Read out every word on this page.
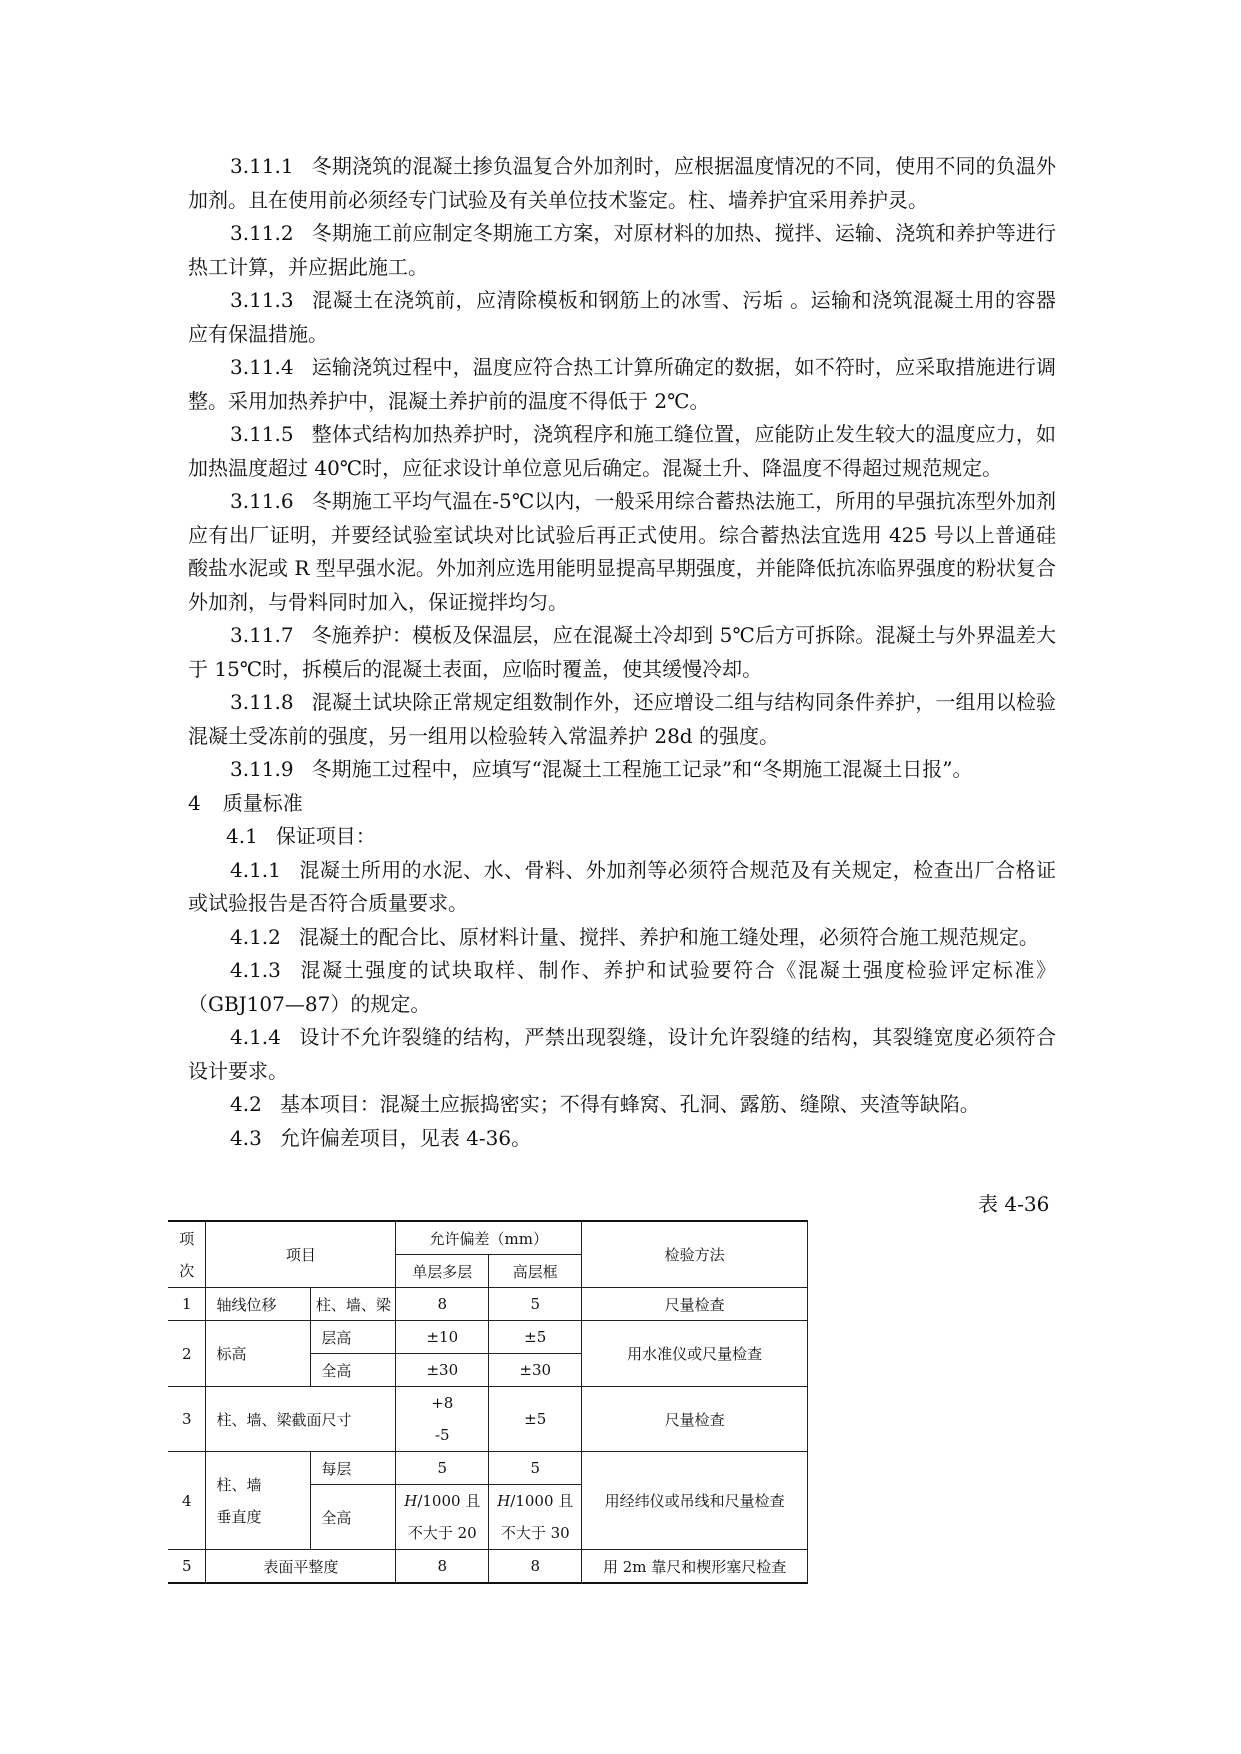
3.11.1 冬期浇筑的混凝土掺负温复合外加剂时，应根据温度情况的不同，使用不同的负温外加剂。且在使用前必须经专门试验及有关单位技术鉴定。柱、墙养护宜采用养护灵。

3.11.2 冬期施工前应制定冬期施工方案，对原材料的加热、搅拌、运输、浇筑和养护等进行热工计算，并应据此施工。

3.11.3 混凝土在浇筑前，应清除模板和钢筋上的冰雪、污垢 。运输和浇筑混凝土用的容器应有保温措施。

3.11.4 运输浇筑过程中，温度应符合热工计算所确定的数据，如不符时，应采取措施进行调整。采用加热养护中，混凝土养护前的温度不得低于 2℃。

3.11.5 整体式结构加热养护时，浇筑程序和施工缝位置，应能防止发生较大的温度应力，如加热温度超过 40℃时，应征求设计单位意见后确定。混凝土升、降温度不得超过规范规定。

3.11.6 冬期施工平均气温在-5℃以内，一般采用综合蓄热法施工，所用的早强抗冻型外加剂应有出厂证明，并要经试验室试块对比试验后再正式使用。综合蓄热法宜选用 425 号以上普通硅酸盐水泥或 R 型早强水泥。外加剂应选用能明显提高早期强度，并能降低抗冻临界强度的粉状复合外加剂，与骨料同时加入，保证搅拌均匀。

3.11.7 冬施养护：模板及保温层，应在混凝土冷却到 5℃后方可拆除。混凝土与外界温差大于 15℃时，拆模后的混凝土表面，应临时覆盖，使其缓慢冷却。

3.11.8 混凝土试块除正常规定组数制作外，还应增设二组与结构同条件养护，一组用以检验混凝土受冻前的强度，另一组用以检验转入常温养护 28d 的强度。

3.11.9 冬期施工过程中，应填写“混凝土工程施工记录”和“冬期施工混凝土日报”。

4 质量标准

4.1 保证项目：

4.1.1 混凝土所用的水泥、水、骨料、外加剂等必须符合规范及有关规定，检查出厂合格证或试验报告是否符合质量要求。

4.1.2 混凝土的配合比、原材料计量、搅拌、养护和施工缝处理，必须符合施工规范规定。

4.1.3 混凝土强度的试块取样、制作、养护和试验要符合《混凝土强度检验评定标准》（GBJ107—87）的规定。

4.1.4 设计不允许裂缝的结构，严禁出现裂缝，设计允许裂缝的结构，其裂缝宽度必须符合设计要求。

4.2 基本项目：混凝土应振捣密实；不得有蜂窝、孔洞、露筋、缝隙、夹渣等缺陷。

4.3 允许偏差项目，见表 4-36。

表 4-36
项
次	项目		允许偏差（mm）		检验方法
			单层多层	高层框	
1	轴线位移	柱、墙、梁	8	5	尺量检查
2	标高	层高	±10	±5	用水准仪或尺量检查
		全高	±30	±30	
3	柱、墙、梁截面尺寸		+8
-5	±5	尺量检查
4	柱、墙
垂直度	每层	5	5	用经纬仪或吊线和尺量检查
		全高	H/1000 且
不大于 20	H/1000 且
不大于 30	

5	表面平整度		8	8	用 2m 靠尺和楔形塞尺检查
